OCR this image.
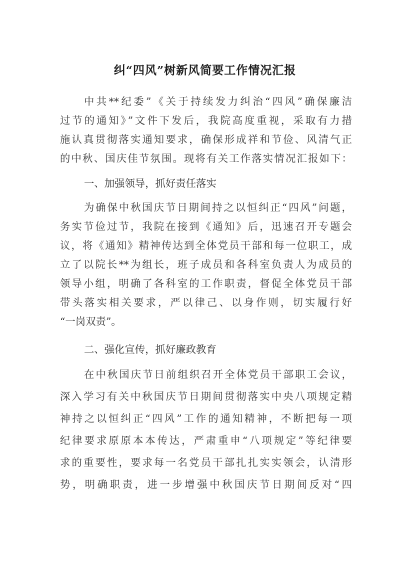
纠“四风”树新风简要工作情况汇报
中共**纪委”《关于持续发力纠治“四风”确保廉洁
过节的通知》”文件下发后，我院高度重视，采取有力措
施认真贯彻落实通知要求，确保形成祥和节俭、风清气正
的中秋、国庆佳节氛围。现将有关工作落实情况汇报如下：
一、加强领导，抓好责任落实
为确保中秋国庆节日期间持之以恒纠正“四风”问题，
务实节俭过节，我院在接到《通知》后，迅速召开专题会
议，将《通知》精神传达到全体党员干部和每一位职工，成
立了以院长**为组长，班子成员和各科室负责人为成员的
领导小组，明确了各科室的工作职责，督促全体党员干部
带头落实相关要求，严以律己、以身作则，切实履行好
“一岗双责”。
二、强化宣传，抓好廉政教育
在中秋国庆节日前组织召开全体党员干部职工会议，
深入学习有关中秋国庆节日期间贯彻落实中央八项规定精
神持之以恒纠正“四风”工作的通知精神，不断把每一项
纪律要求原原本本传达，严肃重申“八项规定”等纪律要
求的重要性，要求每一名党员干部扎扎实实领会，认清形
势，明确职责，进一步增强中秋国庆节日期间反对“四
